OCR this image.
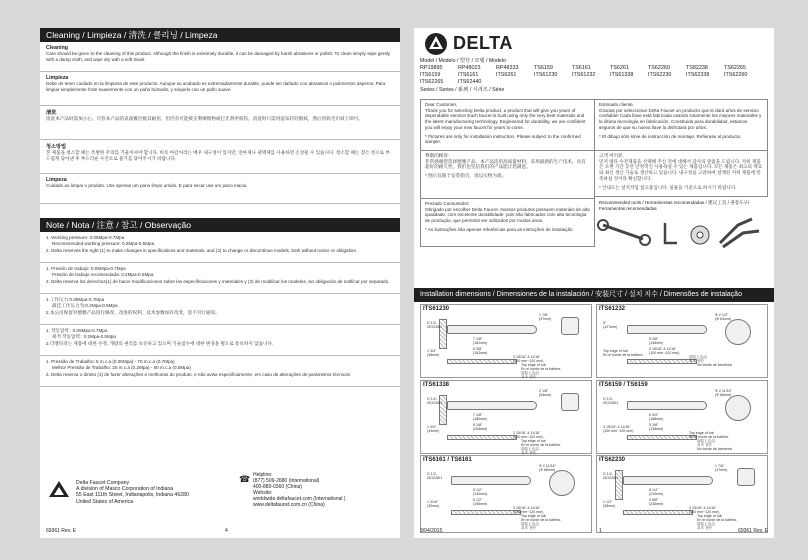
Cleaning / Limpieza / 清洗 / 클리닝 / Limpeza
Cleaning
Care should be given to the cleaning of this product. Although the finish is extremely durable, it can be damaged by harsh abrasives or polish. To clean simply wipe gently with a damp cloth, and wipe dry with a soft towel.
Limpieza
Debe de tener cuidado en la limpieza de este producto. Aunque su acabado es extremadamente durable, puede ser dañado con abrasivos o pulimentos ásperos. Para limpiar simplemente frote suavemente con un paño húmedo, y séquelo con un paño suave.
清洗
清洗本产品时需加小心。尽管本产品的表面镀层极其耐用，但仍有可能被尖利摩擦物或打光剂所损伤。清洗时只需用湿布轻轻擦拭，然后用软毛巾拭干即可。
청소방법
본 제품을 청소할 때는 특별한 주의를 기울이셔야 합니다. 비록 마감처리는 매우 내구성이 있지만, 연마제나 광택제를 사용하면 손상될 수 있습니다. 청소할 때는 젖은 천으로 부드럽게 닦아낸 후 부드러운 수건으로 물기를 닦아주시기 바랍니다.
Limpeza
Cuidado ao limpar o produto. Use apenas um pano limpo umido. E para secar use um pano macio.
Note / Nota / 注意 / 참고 / Observação

1. Working pressure: 0.05Mpa-0.7Mpa

Recommended working pressure: 0.2Mpa-0.5Mpa

2. Delta reserves the right (1) to make changes in specifications and materials, and (2) to change or discontinue models, both without notice or obligation.

1. Presión de trabajo: 0.05Mpa-0.7Mpa

Presión de trabajo recomendada: 0.2Mpa-0.5Mpa

2. Delta reserva los derechos(1) de hacer modificaciones sobre las especificaciones y materiales y (2) de modificar los modelos, sin obligación de notificar por separado.

1.工作压力:0.05Mpa-0.7Mpa

最佳工作压力为:0.2Mpa-0.5Mpa

2.本公司保留对德雅产品进行修改、改进的权利，技术参数如有改变，恕不另行通知。

1. 작동압력 : 0.05Mpa-0.7Mpa

최적 작동압력 : 0.2Mpa-0.5Mpa

2.더엘타피는 제품에 대한 수정, 개량의 권리를 보유하고 있으며 기술참수에 대한 변경을 별도로 통보하지 않습니다.

1. Pressão de Trabalho: 5 m.c.a (0.05Mpa) - 70 m.c.a (0.7Mpa)

Melhor Pressão de Trabalho: 20 m.c.a (0.2Mpa) - 50 m.c.a (0.5Mpa)

2. Delta reserva o direito (1) de fazer alterações e melhorias do produto, e não avisa especificamente, em caso de alterações de parâmetros técnicos.

Delta Faucet Company
A division of Masco Corporation of Indiana
55 East 111th Street, Indianapolis, Indiana 46280
United States of America
☎ Helpline:
(877) 509-2680 (International)
400-880-0360 (China)
Website:
worldwide.deltafaucet.com (International )
www.deltafaucet.com.cn (China)
69361 Rev. E	4
DELTA
Model / Modelo / 型号 / 모델 / Modelo
RP19895	RP48023	RP48333	TS6159	TS6161	TS6261	TS62260	TS82238	TS62265
ITS6159	ITS6161	ITS6261	ITS61230	ITS61232	ITS61338	ITS62230	ITS62338	ITS62260
ITS62265	ITS62440
Series / Series / 系列 / 시리즈 / Série
Dear Customer,
Thank you for selecting Delta product, a product that will give you years of dependable service! Each faucet is built using only the very best materials and the latest manufacturing technology. Engineered for durability, we are confident you will enjoy your new faucet for years to come.
* Pictures are only for installation instruction. Please subject to the confirmed sample.
尊敬的顾客：
非常感谢您选择德雅产品。本产品选用高质量材料，采用最新的生产技术，具有超好的耐久性。我们也坚信我们的产品能让您满意。
* 图示仅限于安装指引，请以实物为准。
Prezado Consumidor:
Obrigado por escolher Delta Faucet. Nossos produtos possuem materiais de alta qualidade, com excelente durabilidade, pois são fabricados com alta tecnologia de produção, que permitirá ser utilizados por muitos anos.
* As ilustrações são apenas referências para as instruções de instalação
Estimado cliente,
Gracias por seleccionar Delta Faucet un producto que le dará años de servicio confiable! Cada llave está fabricada usando solamente los mejores materiales y la última tecnología en fabricación. Construida para durabilidad, estamos seguros de que su nueva llave la disfrutará por años.
* El dibujo sólo sirve de instrucción de montaje. Refierase al producto.
고객 여러분,
먼저 델타 수전제품을 선택해 주신 것에 대해서 감사의 말씀을 드립니다. 저희 제품은 오랜 기간 동안 안정적인 사용하실 수 있는 제품입니다. 모든 제품은 최고의 재료와 최신 생산 기술로 생산하고 있습니다. 내구성을 고려하여 설계된 저희 제품에 만족하실 것이라 확신합니다.
* 안내도는 설치작업 참고용입니다. 실물을 기준으로 하시기 바랍니다.
Recommended tools / Herramientas recomendadas / 建议工具 / 권장도구/ Ferramentas recomendadas
Installation dimensions / Dimensiones de la instalación / 安装尺寸 / 설치 치수 / Dimensões de instalação
ITS61230
1 7/8"
(47mm)
G 1/2-
ISO228/1
7 1/8"
(181mm)
6 3/8"
(162mm)
1 3/4"
(45mm)	3 15/16"-4 11/16"
(100 mm~120 mm)
Top edge of tub
En el borde de la bañera
浴缸上边沿
욕조 상단
ITS61232
Φ 2 1/2"
(Φ 64mm)
5"
(127mm)
5 3/8"
(136mm)
3 15/16"-4 11/16"
(100 mm~120 mm)
Top edge of tub
En el borde de la bañera	浴缸上边沿
욕조 상단
No borde de banheira
ITS61338
2 1/8"
(54mm)
G 1/2-
ISO228/1
7 1/8"
(180mm)
8 1/8"
(206mm)
1 3/4"
(44mm)	3 15/16"-4 11/16"
(100 mm~120 mm)
Top edge of tub
En el borde de la bañera
浴缸上边沿
욕조 상단
ITS6159 / TS6159
Φ 2 11/16"
(Φ 68mm)
G 1/2-
ISO228/1
6 3/4"
(168mm)
5 3/8"
(136mm)
3 15/16"-4 11/16"
(100 mm~120 mm)	Top edge of tub
En el borde de la bañera
浴缸上边沿
욕조 상단
No borde de banheira
ITS6161 / TS6161
Φ 2 11/16"
(Φ 68mm)
G 1/2-
ISO228/1
5 1/2"
(140mm)
6 1/2"
(165mm)
1 3/16"
(30mm)	3 15/16"-4 11/16"
(100 mm~120 mm)
Top edge of tub
En el borde de la bañera
浴缸上边沿
욕조 상단
ITS62230
1 7/8"
(47mm)
G 1/2-
ISO228/1
8 1/4"
(210mm)
9 5/8"
(245mm)
1 1/2"
(38mm)	3 15/16"-4 11/16"
(100 mm~120 mm)
Top edge of tub
En el borde de la bañera
浴缸上边沿
욕조 상단
3/04/2015	1	69361 Rev. E
